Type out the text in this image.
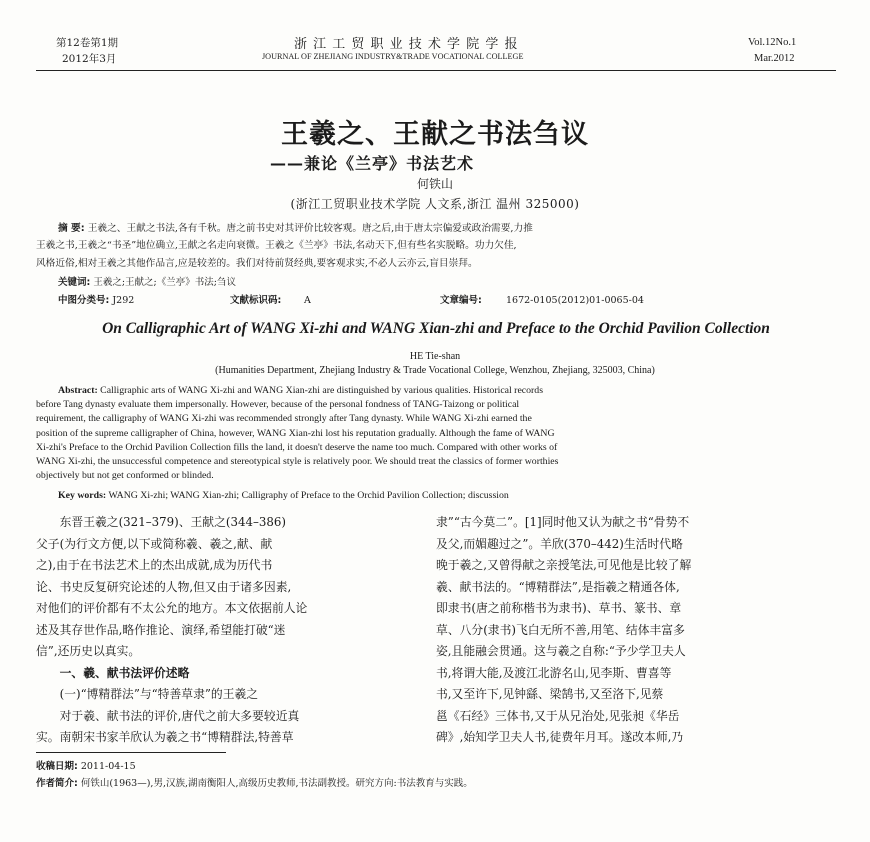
第12卷第1期
2012年3月
浙 江 工 贸 职 业 技 术 学 院 学 报
JOURNAL OF ZHEJIANG INDUSTRY&TRADE VOCATIONAL COLLEGE
Vol.12No.1
Mar.2012
王羲之、王献之书法刍议
——兼论《兰亭》书法艺术
何铁山
(浙江工贸职业技术学院 人文系,浙江 温州 325000)
摘 要: 王羲之、王献之书法,各有千秋。唐之前书史对其评价比较客观。唐之后,由于唐太宗偏爱或政治需要,力推
王羲之书,王羲之“书圣”地位确立,王献之名走向衰微。王羲之《兰亭》书法,名动天下,但有些名实脱略。功力欠佳,
风格近俗,相对王羲之其他作品言,应是较差的。我们对待前贤经典,要客观求实,不必人云亦云,盲目崇拜。
关键词: 王羲之;王献之;《兰亭》书法;刍议
中图分类号: J292	文献标识码: A	文章编号:	1672-0105(2012)01-0065-04
On Calligraphic Art of WANG Xi-zhi and WANG Xian-zhi and Preface to the Orchid Pavilion Collection
HE Tie-shan
(Humanities Department, Zhejiang Industry & Trade Vocational College, Wenzhou, Zhejiang, 325003, China)
Abstract: Calligraphic arts of WANG Xi-zhi and WANG Xian-zhi are distinguished by various qualities. Historical records
before Tang dynasty evaluate them impersonally. However, because of the personal fondness of TANG-Taizong or political
requirement, the calligraphy of WANG Xi-zhi was recommended strongly after Tang dynasty. While WANG Xi-zhi earned the
position of the supreme calligrapher of China, however, WANG Xian-zhi lost his reputation gradually. Although the fame of WANG
Xi-zhi's Preface to the Orchid Pavilion Collection fills the land, it doesn't deserve the name too much. Compared with other works of
WANG Xi-zhi, the unsuccessful competence and stereotypical style is relatively poor. We should treat the classics of former worthies
objectively but not get conformed or blinded.
Key words: WANG Xi-zhi; WANG Xian-zhi; Calligraphy of Preface to the Orchid Pavilion Collection; discussion

东晋王羲之(321–379)、王献之(344–386)

父子(为行文方便,以下或简称羲、羲之,献、献

之),由于在书法艺术上的杰出成就,成为历代书

论、书史反复研究论述的人物,但又由于诸多因素,

对他们的评价都有不太公允的地方。本文依据前人论

述及其存世作品,略作推论、演绎,希望能打破“迷

信”,还历史以真实。

一、羲、献书法评价述略

(一)“博精群法”与“特善草隶”的王羲之

对于羲、献书法的评价,唐代之前大多要较近真

实。南朝宋书家羊欣认为羲之书“博精群法,特善草

隶”“古今莫二”。[1]同时他又认为献之书“骨势不

及父,而媚趣过之”。羊欣(370–442)生活时代略

晚于羲之,又曾得献之亲授笔法,可见他是比较了解

羲、献书法的。“博精群法”,是指羲之精通各体,

即隶书(唐之前称楷书为隶书)、草书、篆书、章

草、八分(隶书)飞白无所不善,用笔、结体丰富多

姿,且能融会贯通。这与羲之自称:“予少学卫夫人

书,将谓大能,及渡江北游名山,见李斯、曹喜等

书,又至许下,见钟繇、梁鹄书,又至洛下,见蔡

邕《石经》三体书,又于从兄治处,见张昶《华岳

碑》,始知学卫夫人书,徒费年月耳。遂改本师,乃

收稿日期: 2011-04-15
作者简介: 何铁山(1963—),男,汉族,湖南衡阳人,高级历史教师,书法副教授。研究方向:书法教育与实践。
